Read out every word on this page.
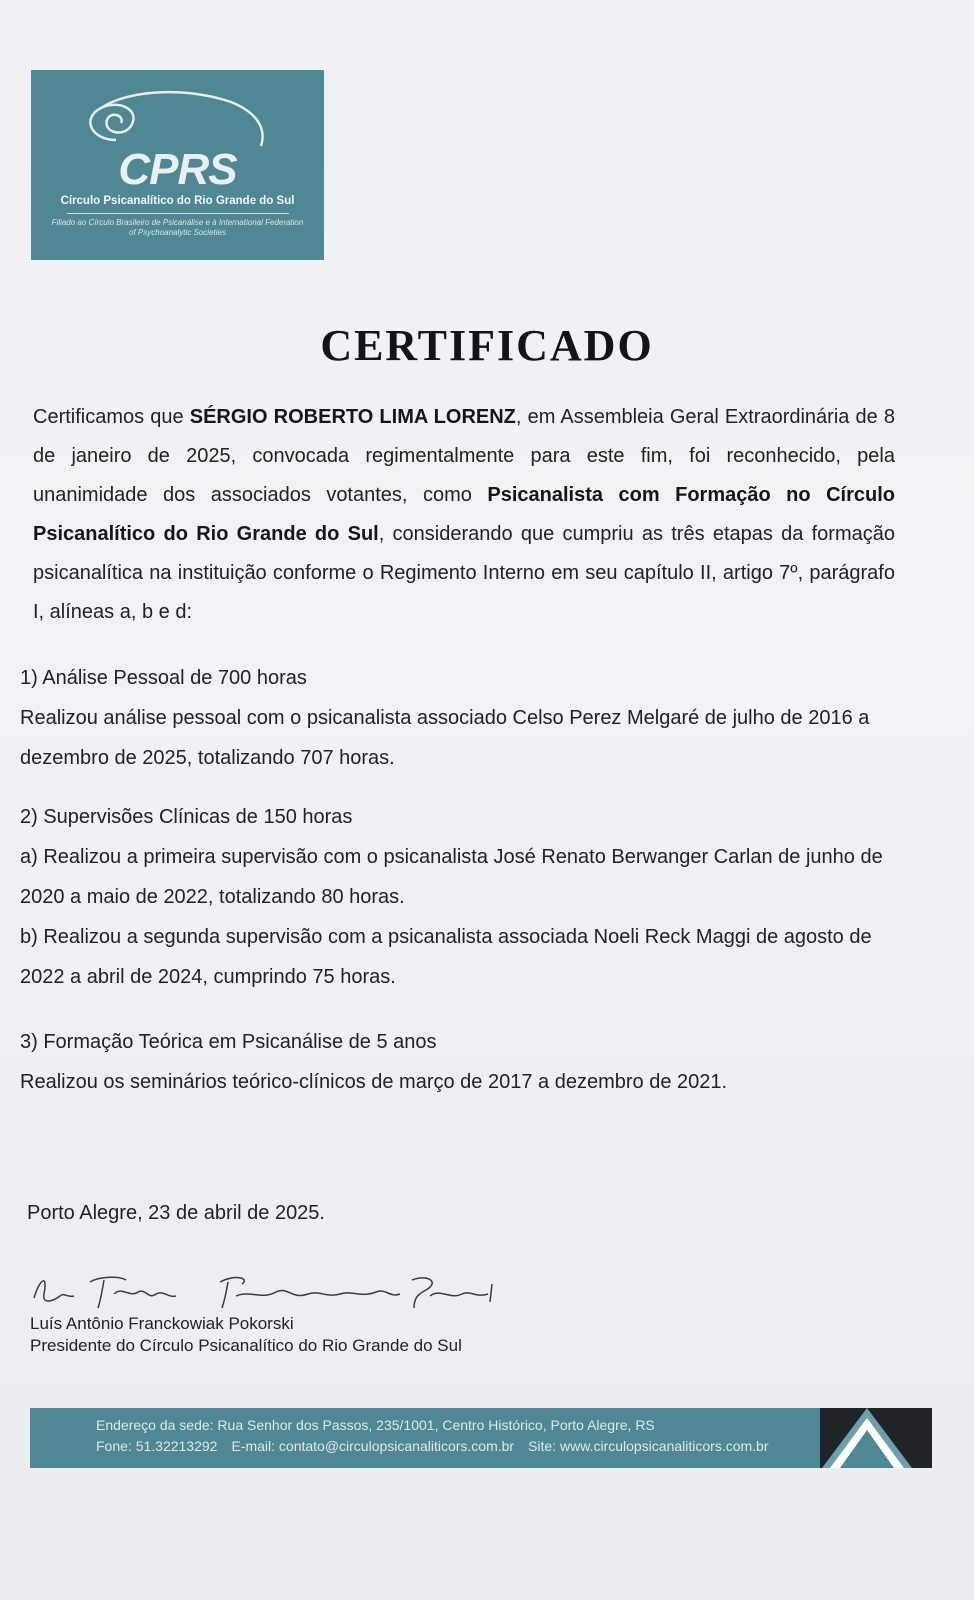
CPRS
Círculo Psicanalítico do Rio Grande do Sul
Filiado ao Círculo Brasileiro de Psicanálise e à International Federation of Psychoanalytic Societies
CERTIFICADO
Certificamos que SÉRGIO ROBERTO LIMA LORENZ, em Assembleia Geral Extraordinária de 8 de janeiro de 2025, convocada regimentalmente para este fim, foi reconhecido, pela unanimidade dos associados votantes, como Psicanalista com Formação no Círculo Psicanalítico do Rio Grande do Sul, considerando que cumpriu as três etapas da formação psicanalítica na instituição conforme o Regimento Interno em seu capítulo II, artigo 7º, parágrafo I, alíneas a, b e d:

1) Análise Pessoal de 700 horas

Realizou análise pessoal com o psicanalista associado Celso Perez Melgaré de julho de 2016 a dezembro de 2025, totalizando 707 horas.

2) Supervisões Clínicas de 150 horas

a) Realizou a primeira supervisão com o psicanalista José Renato Berwanger Carlan de junho de 2020 a maio de 2022, totalizando 80 horas.

b) Realizou a segunda supervisão com a psicanalista associada Noeli Reck Maggi de agosto de 2022 a abril de 2024, cumprindo 75 horas.

3) Formação Teórica em Psicanálise de 5 anos

Realizou os seminários teórico-clínicos de março de 2017 a dezembro de 2021.

Porto Alegre, 23 de abril de 2025.
Luís Antônio Franckowiak Pokorski
Presidente do Círculo Psicanalítico do Rio Grande do Sul
Endereço da sede: Rua Senhor dos Passos, 235/1001, Centro Histórico, Porto Alegre, RS
Fone: 51.32213292 E-mail: contato@circulopsicanaliticors.com.br Site: www.circulopsicanaliticors.com.br
